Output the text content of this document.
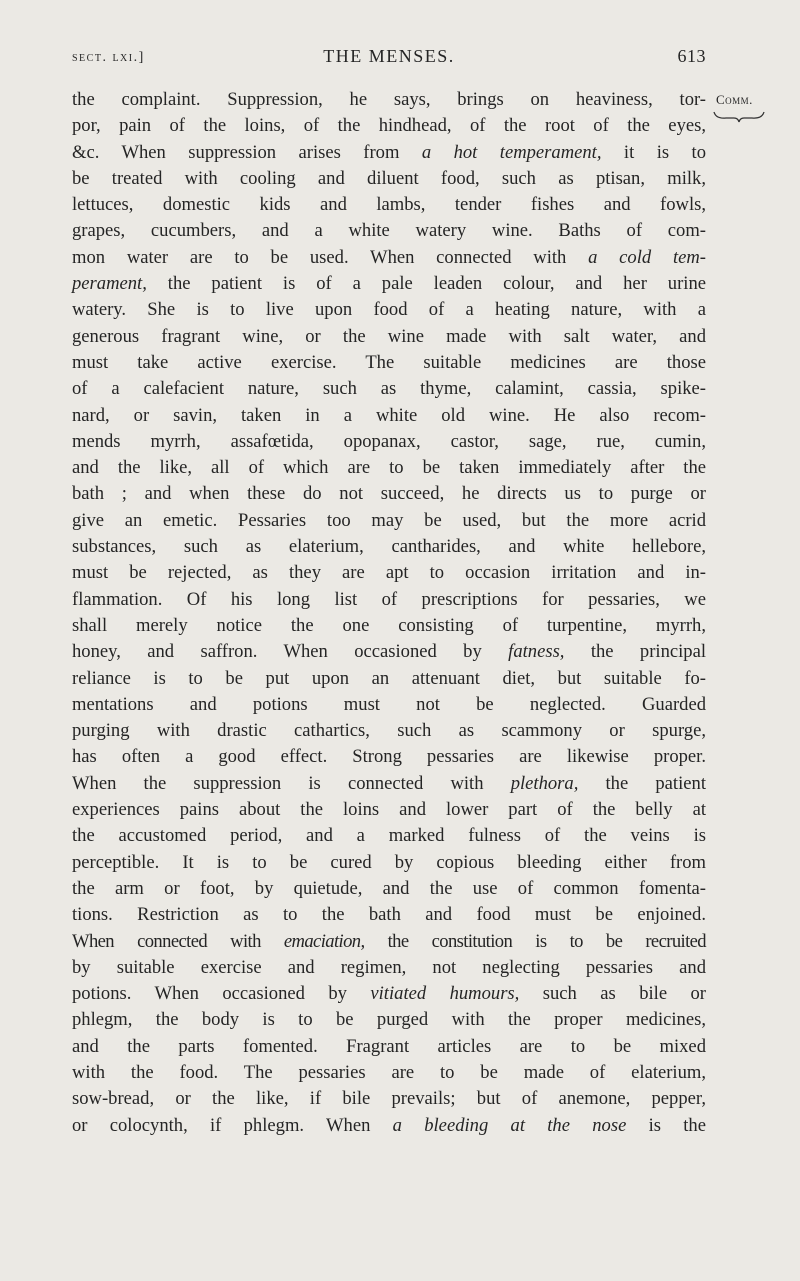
sect. lxi.]	THE MENSES.	613
Comm.
the complaint. Suppression, he says, brings on heaviness, tor-
por, pain of the loins, of the hindhead, of the root of the eyes,
&c. When suppression arises from a hot temperament, it is to
be treated with cooling and diluent food, such as ptisan, milk,
lettuces, domestic kids and lambs, tender fishes and fowls,
grapes, cucumbers, and a white watery wine. Baths of com-
mon water are to be used. When connected with a cold tem-
perament, the patient is of a pale leaden colour, and her urine
watery. She is to live upon food of a heating nature, with a
generous fragrant wine, or the wine made with salt water, and
must take active exercise. The suitable medicines are those
of a calefacient nature, such as thyme, calamint, cassia, spike-
nard, or savin, taken in a white old wine. He also recom-
mends myrrh, assafœtida, opopanax, castor, sage, rue, cumin,
and the like, all of which are to be taken immediately after the
bath ; and when these do not succeed, he directs us to purge or
give an emetic. Pessaries too may be used, but the more acrid
substances, such as elaterium, cantharides, and white hellebore,
must be rejected, as they are apt to occasion irritation and in-
flammation. Of his long list of prescriptions for pessaries, we
shall merely notice the one consisting of turpentine, myrrh,
honey, and saffron. When occasioned by fatness, the principal
reliance is to be put upon an attenuant diet, but suitable fo-
mentations and potions must not be neglected. Guarded
purging with drastic cathartics, such as scammony or spurge,
has often a good effect. Strong pessaries are likewise proper.
When the suppression is connected with plethora, the patient
experiences pains about the loins and lower part of the belly at
the accustomed period, and a marked fulness of the veins is
perceptible. It is to be cured by copious bleeding either from
the arm or foot, by quietude, and the use of common fomenta-
tions. Restriction as to the bath and food must be enjoined.
When connected with emaciation, the constitution is to be recruited
by suitable exercise and regimen, not neglecting pessaries and
potions. When occasioned by vitiated humours, such as bile or
phlegm, the body is to be purged with the proper medicines,
and the parts fomented. Fragrant articles are to be mixed
with the food. The pessaries are to be made of elaterium,
sow-bread, or the like, if bile prevails; but of anemone, pepper,
or colocynth, if phlegm. When a bleeding at the nose is the
